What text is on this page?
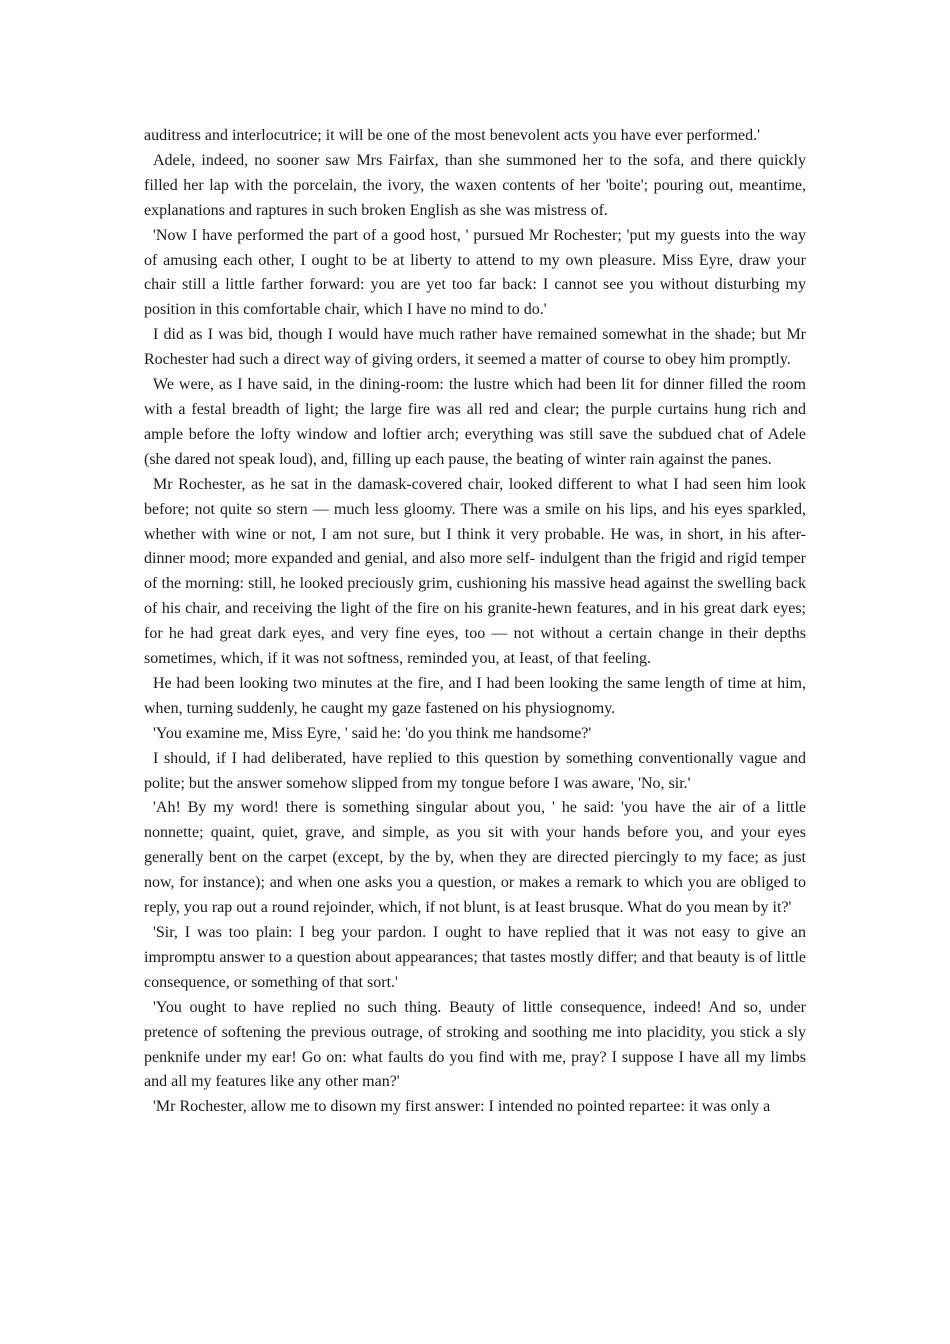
auditress and interlocutrice; it will be one of the most benevolent acts you have ever performed.'

Adele, indeed, no sooner saw Mrs Fairfax, than she summoned her to the sofa, and there quickly filled her lap with the porcelain, the ivory, the waxen contents of her 'boite'; pouring out, meantime, explanations and raptures in such broken English as she was mistress of.

'Now I have performed the part of a good host, ' pursued Mr Rochester; 'put my guests into the way of amusing each other, I ought to be at liberty to attend to my own pleasure. Miss Eyre, draw your chair still a little farther forward: you are yet too far back: I cannot see you without disturbing my position in this comfortable chair, which I have no mind to do.'

I did as I was bid, though I would have much rather have remained somewhat in the shade; but Mr Rochester had such a direct way of giving orders, it seemed a matter of course to obey him promptly.

We were, as I have said, in the dining-room: the lustre which had been lit for dinner filled the room with a festal breadth of light; the large fire was all red and clear; the purple curtains hung rich and ample before the lofty window and loftier arch; everything was still save the subdued chat of Adele (she dared not speak loud), and, filling up each pause, the beating of winter rain against the panes.

Mr Rochester, as he sat in the damask-covered chair, looked different to what I had seen him look before; not quite so stern — much less gloomy. There was a smile on his lips, and his eyes sparkled, whether with wine or not, I am not sure, but I think it very probable. He was, in short, in his after-dinner mood; more expanded and genial, and also more self- indulgent than the frigid and rigid temper of the morning: still, he looked preciously grim, cushioning his massive head against the swelling back of his chair, and receiving the light of the fire on his granite-hewn features, and in his great dark eyes; for he had great dark eyes, and very fine eyes, too — not without a certain change in their depths sometimes, which, if it was not softness, reminded you, at Ieast, of that feeling.

He had been looking two minutes at the fire, and I had been looking the same length of time at him, when, turning suddenly, he caught my gaze fastened on his physiognomy.

'You examine me, Miss Eyre, ' said he: 'do you think me handsome?'

I should, if I had deliberated, have replied to this question by something conventionally vague and polite; but the answer somehow slipped from my tongue before I was aware, 'No, sir.'

'Ah! By my word! there is something singular about you, ' he said: 'you have the air of a little nonnette; quaint, quiet, grave, and simple, as you sit with your hands before you, and your eyes generally bent on the carpet (except, by the by, when they are directed piercingly to my face; as just now, for instance); and when one asks you a question, or makes a remark to which you are obliged to reply, you rap out a round rejoinder, which, if not blunt, is at Ieast brusque. What do you mean by it?'

'Sir, I was too plain: I beg your pardon. I ought to have replied that it was not easy to give an impromptu answer to a question about appearances; that tastes mostly differ; and that beauty is of little consequence, or something of that sort.'

'You ought to have replied no such thing. Beauty of little consequence, indeed! And so, under pretence of softening the previous outrage, of stroking and soothing me into placidity, you stick a sly penknife under my ear! Go on: what faults do you find with me, pray? I suppose I have all my limbs and all my features like any other man?'

'Mr Rochester, allow me to disown my first answer: I intended no pointed repartee: it was only a
